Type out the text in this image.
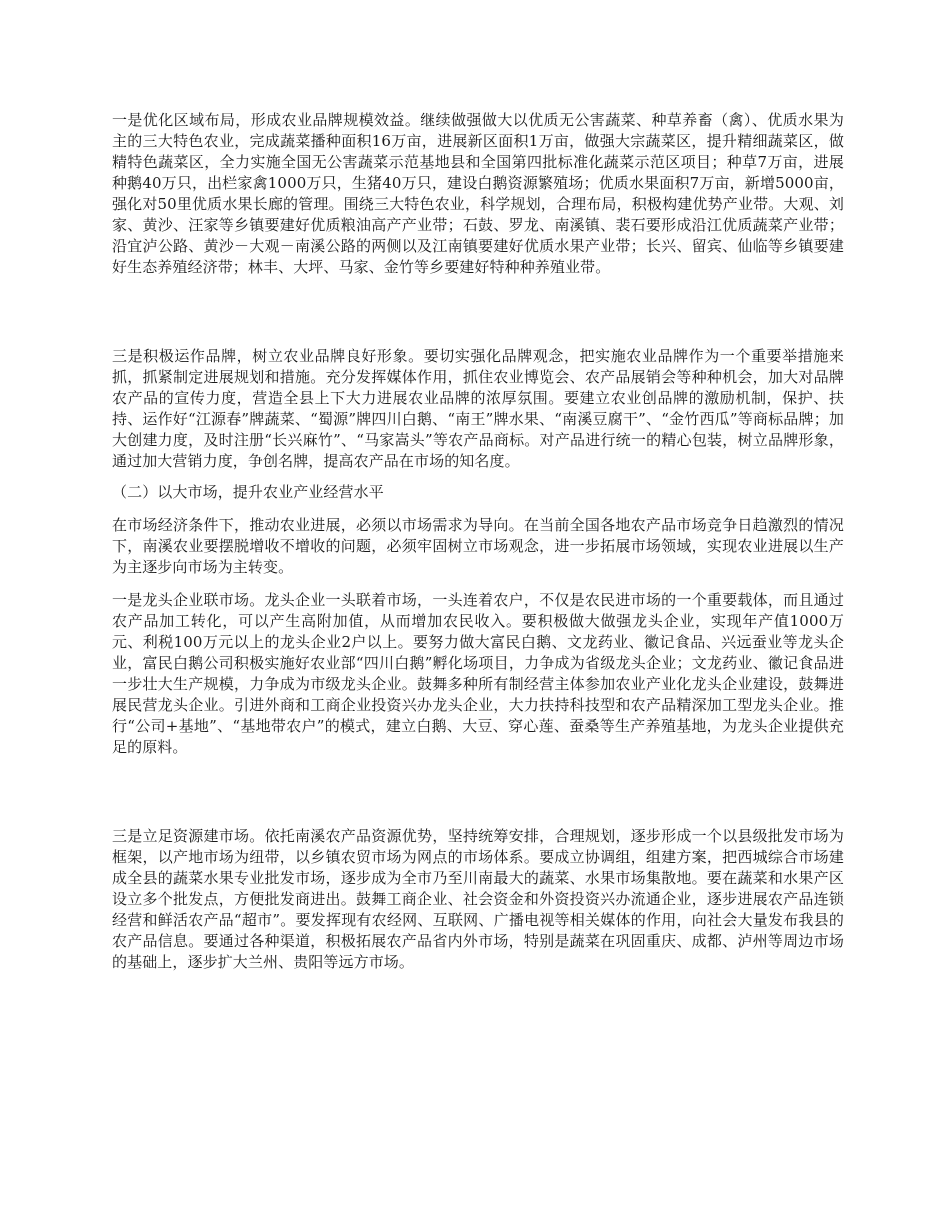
一是优化区域布局，形成农业品牌规模效益。继续做强做大以优质无公害蔬菜、种草养畜（禽）、优质水果为主的三大特色农业，完成蔬菜播种面积16万亩，进展新区面积1万亩，做强大宗蔬菜区，提升精细蔬菜区，做精特色蔬菜区，全力实施全国无公害蔬菜示范基地县和全国第四批标准化蔬菜示范区项目；种草7万亩，进展种鹅40万只，出栏家禽1000万只，生猪40万只，建设白鹅资源繁殖场；优质水果面积7万亩，新增5000亩，强化对50里优质水果长廊的管理。围绕三大特色农业，科学规划，合理布局，积极构建优势产业带。大观、刘家、黄沙、汪家等乡镇要建好优质粮油高产产业带；石鼓、罗龙、南溪镇、裴石要形成沿江优质蔬菜产业带；沿宜泸公路、黄沙－大观－南溪公路的两侧以及江南镇要建好优质水果产业带；长兴、留宾、仙临等乡镇要建好生态养殖经济带；林丰、大坪、马家、金竹等乡要建好特种种养殖业带。

三是积极运作品牌，树立农业品牌良好形象。要切实强化品牌观念，把实施农业品牌作为一个重要举措施来抓，抓紧制定进展规划和措施。充分发挥媒体作用，抓住农业博览会、农产品展销会等种种机会，加大对品牌农产品的宣传力度，营造全县上下大力进展农业品牌的浓厚氛围。要建立农业创品牌的激励机制，保护、扶持、运作好“江源春”牌蔬菜、“蜀源”牌四川白鹅、“南王”牌水果、“南溪豆腐干”、“金竹西瓜”等商标品牌；加大创建力度，及时注册“长兴麻竹”、“马家嵩头”等农产品商标。对产品进行统一的精心包装，树立品牌形象，通过加大营销力度，争创名牌，提高农产品在市场的知名度。

（二）以大市场，提升农业产业经营水平

在市场经济条件下，推动农业进展，必须以市场需求为导向。在当前全国各地农产品市场竞争日趋激烈的情况下，南溪农业要摆脱增收不增收的问题，必须牢固树立市场观念，进一步拓展市场领域，实现农业进展以生产为主逐步向市场为主转变。

一是龙头企业联市场。龙头企业一头联着市场，一头连着农户，不仅是农民进市场的一个重要载体，而且通过农产品加工转化，可以产生高附加值，从而增加农民收入。要积极做大做强龙头企业，实现年产值1000万元、利税100万元以上的龙头企业2户以上。要努力做大富民白鹅、文龙药业、徽记食品、兴远蚕业等龙头企业，富民白鹅公司积极实施好农业部“四川白鹅”孵化场项目，力争成为省级龙头企业；文龙药业、徽记食品进一步壮大生产规模，力争成为市级龙头企业。鼓舞多种所有制经营主体参加农业产业化龙头企业建设，鼓舞进展民营龙头企业。引进外商和工商企业投资兴办龙头企业，大力扶持科技型和农产品精深加工型龙头企业。推行“公司+基地”、“基地带农户”的模式，建立白鹅、大豆、穿心莲、蚕桑等生产养殖基地，为龙头企业提供充足的原料。

三是立足资源建市场。依托南溪农产品资源优势，坚持统筹安排，合理规划，逐步形成一个以县级批发市场为框架，以产地市场为纽带，以乡镇农贸市场为网点的市场体系。要成立协调组，组建方案，把西城综合市场建成全县的蔬菜水果专业批发市场，逐步成为全市乃至川南最大的蔬菜、水果市场集散地。要在蔬菜和水果产区设立多个批发点，方便批发商进出。鼓舞工商企业、社会资金和外资投资兴办流通企业，逐步进展农产品连锁经营和鲜活农产品“超市”。要发挥现有农经网、互联网、广播电视等相关媒体的作用，向社会大量发布我县的农产品信息。要通过各种渠道，积极拓展农产品省内外市场，特别是蔬菜在巩固重庆、成都、泸州等周边市场的基础上，逐步扩大兰州、贵阳等远方市场。
